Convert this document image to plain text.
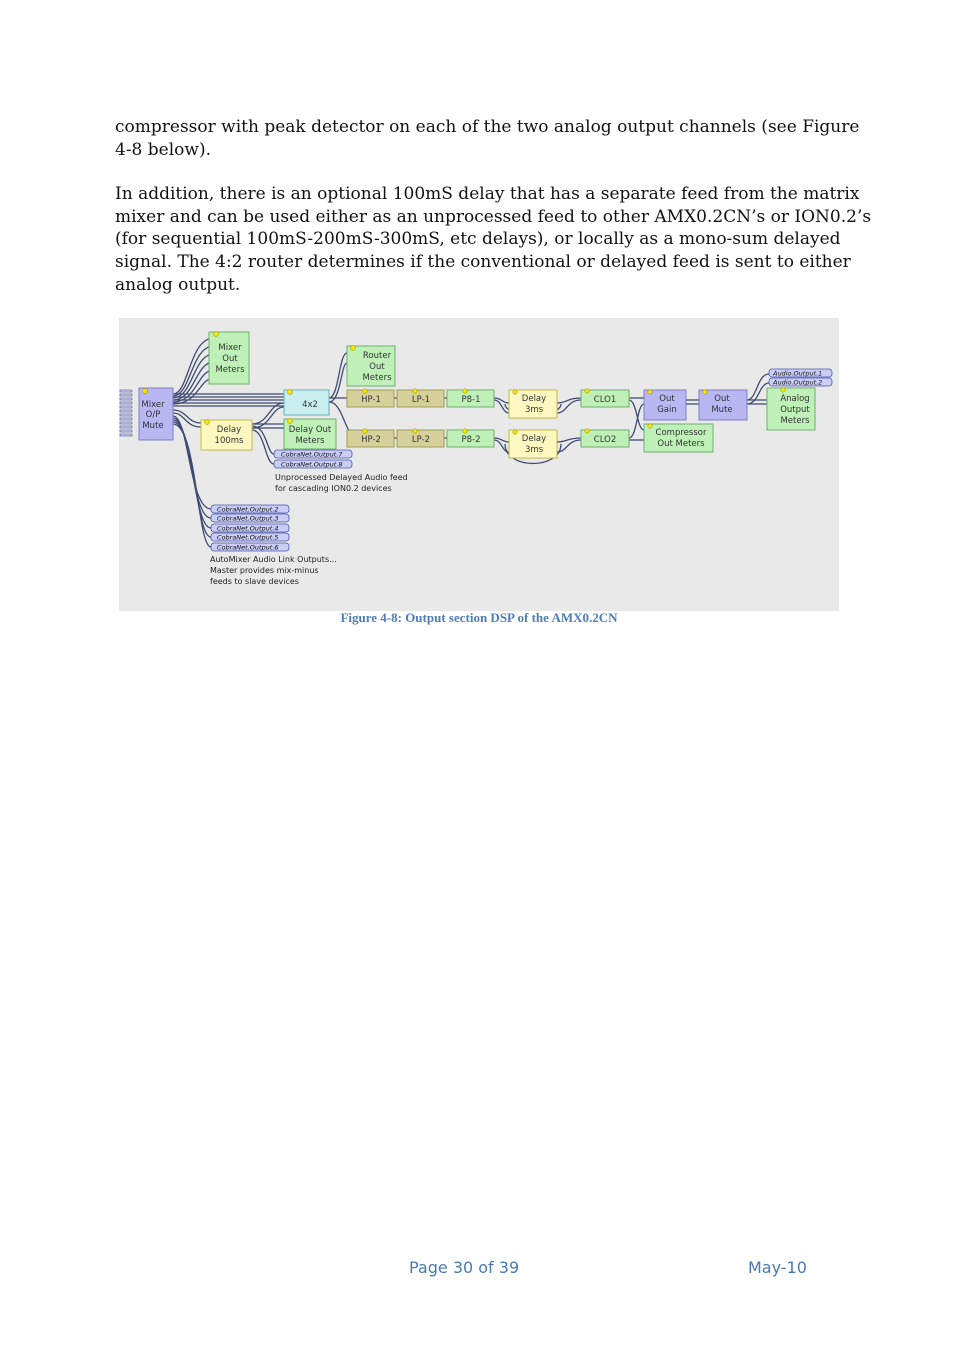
compressor with peak detector on each of the two analog output channels (see Figure
4-8 below).
In addition, there is an optional 100mS delay that has a separate feed from the matrix
mixer and can be used either as an unprocessed feed to other AMX0.2CN’s or ION0.2’s
(for sequential 100mS-200mS-300mS, etc delays), or locally as a mono-sum delayed
signal. The 4:2 router determines if the conventional or delayed feed is sent to either
analog output.
Mixer
O/P
Mute
Mixer
Out
Meters
Delay
100ms
4x2
Delay Out
Meters
Router
Out
Meters
HP-1	LP-1	P8-1	Delay
3ms
CLO1
HP-2	LP-2	P8-2	Delay
3ms
CLO2
Out
Gain
Out
Mute
Compressor
Out Meters
Analog
Output
Meters
Audio.Output.1
Audio.Output.2
CobraNet.Output.7
CobraNet.Output.8
CobraNet.Output.2
CobraNet.Output.3
CobraNet.Output.4
CobraNet.Output.5
CobraNet.Output.6
Unprocessed Delayed Audio feed
for cascading ION0.2 devices
AutoMixer Audio Link Outputs...
Master provides mix-minus
feeds to slave devices
Figure 4-8: Output section DSP of the AMX0.2CN
Page 30 of 39	May-10
